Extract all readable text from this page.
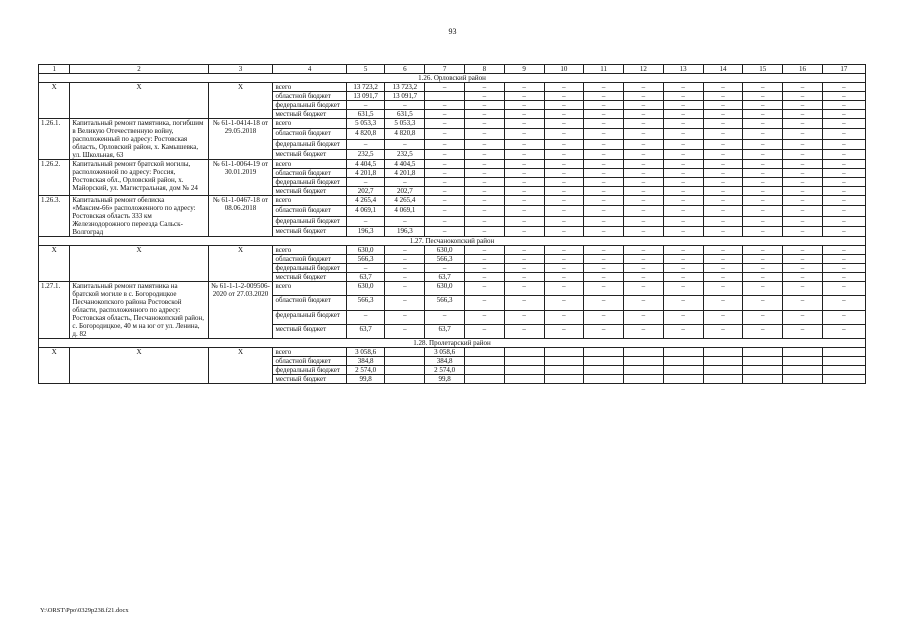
93
1	2	3	4	5	6	7	8	9	10	11	12	13	14	15	16	17
1.26. Орловский район																
X	X	X	всего	13 723,2	13 723,2	–	–	–	–	–	–	–	–	–	–	–
			областной бюджет	13 091,7	13 091,7		–	–	–	–	–	–	–	–	–	–
			федеральный бюджет	–	–	–	–	–	–	–	–	–	–	–	–	–
			местный бюджет	631,5	631,5	–	–	–	–	–	–	–	–	–	–	–
1.26.1.	Капитальный ремонт памятника, погибшим в Великую Отечественную войну, расположенный по адресу: Ростовская область, Орловский район, х. Камышевка, ул. Школьная, 63	№ 61-1-0414-18 от 29.05.2018	всего	5 053,3	5 053,3	–	–	–	–	–	–	–	–	–	–	–
			областной бюджет	4 820,8	4 820,8	–	–	–	–	–	–	–	–	–	–	–
			федеральный бюджет	–	–	–	–	–	–	–	–	–	–	–	–	–
			местный бюджет	232,5	232,5	–	–	–	–	–	–	–	–	–	–	–
1.26.2.	Капитальный ремонт братской могилы, расположенной по адресу: Россия, Ростовская обл., Орловский район, х. Майорский, ул. Магистральная, дом № 24	№ 61-1-0064-19 от 30.01.2019	всего	4 404,5	4 404,5	–	–	–	–	–	–	–	–	–	–	–
			областной бюджет	4 201,8	4 201,8	–	–	–	–	–	–	–	–	–	–	–
			федеральный бюджет	–	–	–	–	–	–	–	–	–	–	–	–	–
			местный бюджет	202,7	202,7	–	–	–	–	–	–	–	–	–	–	–
1.26.3.	Капитальный ремонт обелиска «Максим-66» расположенного по адресу: Ростовская область 333 км Железнодорожного переезда Сальск-Волгоград	№ 61-1-0467-18 от 08.06.2018	всего	4 265,4	4 265,4	–	–	–	–	–	–	–	–	–	–	–
			областной бюджет	4 069,1	4 069,1	–	–	–	–	–	–	–	–	–	–	–
			федеральный бюджет	–	–	–	–	–	–	–	–	–	–	–	–	–
			местный бюджет	196,3	196,3	–	–	–	–	–	–	–	–	–	–	–
1.27. Песчанокопский район																
X	X	X	всего	630,0	–	630,0	–	–	–	–	–	–	–	–	–	–
			областной бюджет	566,3	–	566,3	–	–	–	–	–	–	–	–	–	–
			федеральный бюджет	–	–	–	–	–	–	–	–	–	–	–	–	–
			местный бюджет	63,7	–	63,7	–	–	–	–	–	–	–	–	–	–
1.27.1.	Капитальный ремонт памятника на братской могиле в с. Богородицкое Песчанокопского района Ростовской области, расположенного по адресу: Ростовская область, Песчанокопский район, с. Богородицкое, 40 м на юг от ул. Ленина, д. 82	№ 61-1-1-2-009506-2020 от 27.03.2020	всего	630,0	–	630,0	–	–	–	–	–	–	–	–	–	–
			областной бюджет	566,3	–	566,3	–	–	–	–	–	–	–	–	–	–
			федеральный бюджет	–	–	–	–	–	–	–	–	–	–	–	–	–
			местный бюджет	63,7	–	63,7	–	–	–	–	–	–	–	–	–	–
1.28. Пролетарский район																
X	X	X	всего	3 058,6		3 058,6										
			областной бюджет	384,8		384,8										
			федеральный бюджет	2 574,0		2 574,0										
			местный бюджет	99,8		99,8										
Y:\ORST\Ppo\0329p238.f21.docx
